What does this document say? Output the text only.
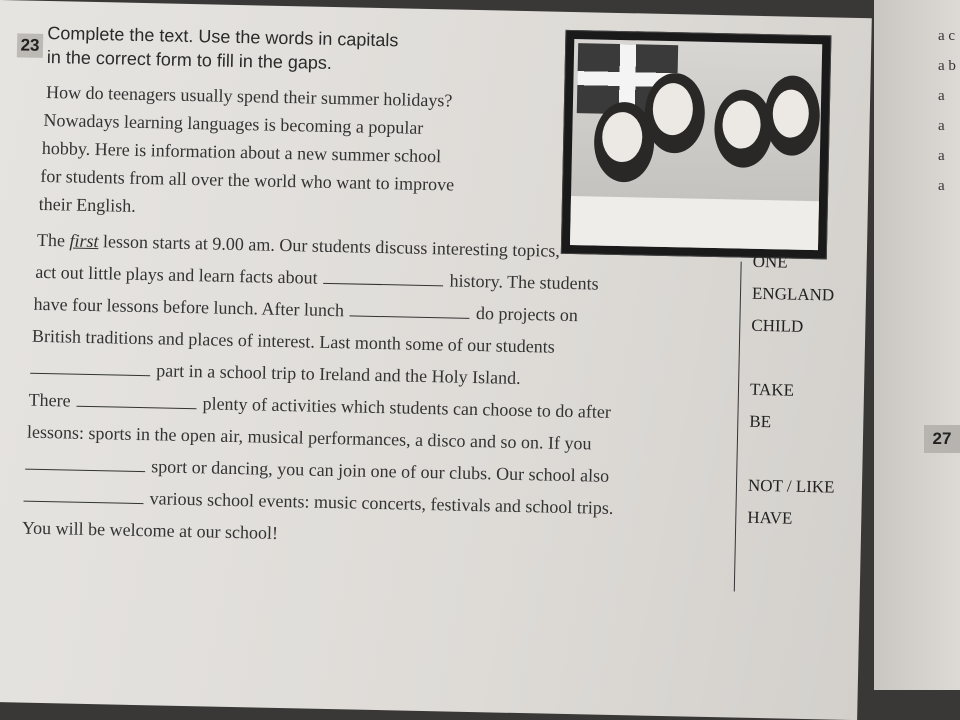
a c
a b
a
a
a
a
27
23 Complete the text. Use the words in capitals
in the correct form to fill in the gaps.
How do teenagers usually spend their summer holidays?
Nowadays learning languages is becoming a popular
hobby. Here is information about a new summer school
for students from all over the world who want to improve
their English.
The first lesson starts at 9.00 am. Our students discuss interesting topics,
act out little plays and learn facts about	history. The students
have four lessons before lunch. After lunch	do projects on
British traditions and places of interest. Last month some of our students
part in a school trip to Ireland and the Holy Island.
There	plenty of activities which students can choose to do after
lessons: sports in the open air, musical performances, a disco and so on. If you
sport or dancing, you can join one of our clubs. Our school also
various school events: music concerts, festivals and school trips.
You will be welcome at our school!
ONE
ENGLAND
CHILD
TAKE
BE
NOT / LIKE
HAVE
